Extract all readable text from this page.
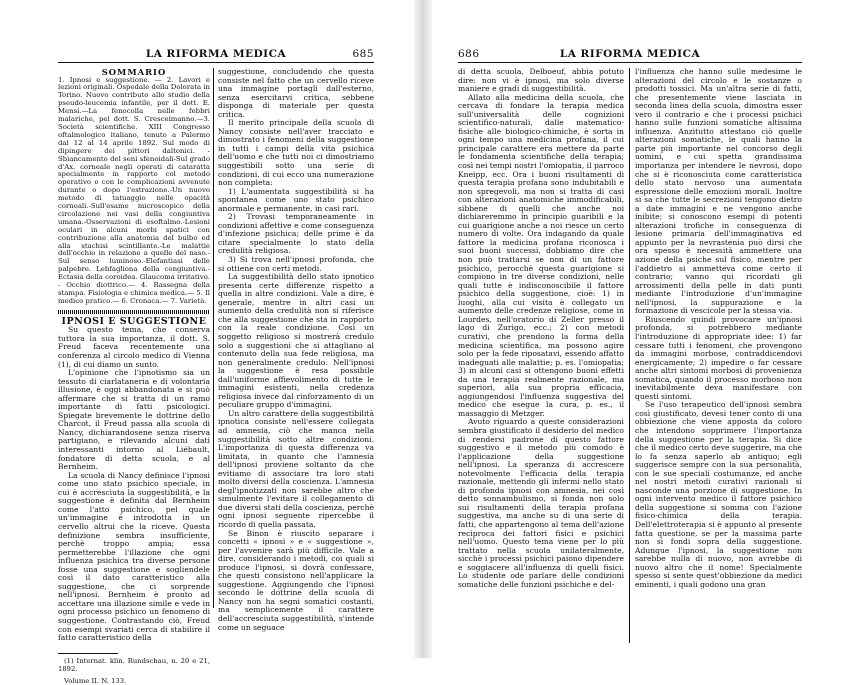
LA RIFORMA MEDICA	685

SOMMARIO

1. Ipnosi e suggestione. — 2. Lavori e lezioni originali. Ospedale della Dolorata in Torino. Nuovo contributo allo studio della pseudo-leucemia infantile, per il dott. E. Mensi.—La fenocolla nelle febbri malariche, pel dott. S. Cresceimanno.—3. Società scientifiche. XIII Congresso oftalmologico italiano, tenuto a Palermo dal 12 al 14 aprile 1892. Sul modo di dipingere dei pittori daltonici. -Sbiancamento del seni sfenoidali-Sul grado d'Ax. corneale negli operati di cataratta specialmente in rapporto col metodo operativo e con le complicazioni avvenute durante o dopo l'estrazione.-Un nuovo metodo di tatuaggio nelle opacità corneali.-Sull'esame microscopico della circolazione nei vasi della congiuntiva umana.-Osservazioni di esoftalmo.-Lesioni oculari in alcuni morbi spatici con contribuzione alla anatomia del bulbo ed alla stachisi scintillante.-Le malattie dell'occhio in relazione a quelle del naso.-Sul senso luminoso.-Elefantiasi delle palpebre. Lebfagliona della congiuntiva.-Ectasia della coroidea. Glaucoma irritativo. - Occhio diottrico.— 4. Rassegna della stampa. Fisiologia e chimica medica.— 5. Il medico pratico.— 6. Cronaca.— 7. Varietà.

IPNOSI E SUGGESTIONE

Su questo tema, che conserva tuttora la sua importanza, il dott. S. Freud faceva recentemente una conferenza al circolo medico di Vienna (1), di cui diamo un sunto.

L'opinione che l'ipnotismo sia un tessuto di ciarlataneria e di volontaria illusione, è oggi abbandonata e si può affermare che si tratta di un ramo importante di fatti psicologici. Spiegate brevemente le dottrine dello Charcot, il Freud passa alla scuola di Nancy, dichiarandosene senza riserva partigiano, e rilevando alcuni dati interessanti intorno al Liébault, fondatore di detta scuola, e al Bernheim.

La scuola di Nancy definisce l'ipnosi come uno stato psichico speciale, in cui è accresciuta la suggestibilità, e la suggestione è definita dal Bernheim come l'atto psichico, pel quale un'immagine è introdotta in un cervello altrui che la riceve. Questa definizione sembra insufficiente, perchè troppo ampia; essa permetterebbe l'illazione che ogni influenza psichica tra diverse persone fosse una suggestione e sogliendele così il dato caratteristico alla suggestione, che ci sorprende nell'ipnosi. Bernheim è pronto ad accettare una illazione simile e vede in ogni processo psichico un fenomeno di suggestione. Contrastando ciò, Freud con esempi svariati cerca di stabilire il fatto caratteristico della

(1) Internat. klin. Rundschau, n. 20 e 21, 1892.

Volume II. N. 133.

suggestione, concludendo che questa consiste nel fatto che un cervello riceve una immagine portagli dall'esterno, senza esercitarvi critica, sebbene disponga di materiale per questa critica.

Il merito principale della scuola di Nancy consiste nell'aver tracciato e dimostrato i fenomeni della suggestione in tutti i campi della vita psichica dell'uomo e che tutti noi ci dimostriamo suggestibili sotto una serie di condizioni, di cui ecco una numerazione non completa:

1) L'aumentata suggestibilità si ha spontanea come uno stato psichico anormale e permanente, in casi rari.

2) Trovasi temporaneamente in condizioni affettive e come conseguenza d'infezione psichica; delle prime è da citare specialmente lo stato della credulità religiosa.

3) Si trova nell'ipnosi profonda, che si ottiene con certi metodi.

La suggestibilità dello stato ipnotico presenta certe differenze rispetto a quella in altre condizioni. Vale a dire, è generale, mentre in altri casi un aumento della credulità non si riferisce che alla suggestione che sta in rapporto con la reale condizione. Così un soggetto religioso si mostrerà credulo solo a suggestioni che si attagliano al contenuto della sua fede religiosa, ma non generalmente credulo. Nell'ipnosi la suggestione è resa possibile dall'uniforme affievolimento di tutte le immagini esistenti, nella credenza religiosa invece dal rinforzamento di un peculiare gruppo d'immagini.

Un altro carattere della suggestibilità ipnotica consiste nell'essere collegata ad amnesia, ciò che manca nella suggestibilità sotto altre condizioni. L'importanza di questa differenza va limitata, in quanto che l'amnesia dell'ipnosi proviene soltanto da che evitiamo di associare tra loro stati molto diversi della coscienza. L'amnesia degl'ipnotizzati non sarebbe altro che simulmente l'evitare il collegamento di due diversi stati della coscienza, perchè ogni ipnosi seguente ripercebbe il ricordo di quella passata.

Se Binon è riuscito separare i concetti « ipnosi » e « suggestione », per l'avvenire sarà più difficile. Vale a dire, considerando i metodi, coi quali si produce l'ipnosi, si dovrà confessare, che questi consistono nell'applicare la suggestione. Aggiungendo che l'ipnosi secondo le dottrine della scuola di Nancy non ha segni somatici costanti, ma semplicemente il carattere dell'accresciuta suggestibilità, s'intende come un seguace

686	LA RIFORMA MEDICA

di detta scuola, Delboeuf, abbia potuto dire: non vi è ipnosi, ma solo diverse maniere e gradi di suggestibilità.

Allato alla medicina della scuola, che cercava di fondare la terapia medica sull'universalità delle cognizioni scientifico-naturali, dalle matematico-fisiche alle biologico-chimiche, è sorta in ogni tempo una medicina profana, il cui principale carattere era mettere da parte le fondamenta scientifiche della terapia; così nei tempi nostri l'omiopatia, il parroco Kneipp, ecc. Ora i buoni risultamenti di questa terapia profana sono indubitabili e non spregevoli, ma non si tratta di casi con alterazioni anatomiche immodificabili, sibbene di quelli che anche noi dichiareremmo in principio guaribili e la cui guarigione anche a noi riesce un certo numero di volte. Ora indagando da quale fattore la medicina profana riconosca i suoi buoni successi, dobbiamo dire che non può trattarsi se non di un fattore psichico, perocchè questa guarigione si compiono in tre diverse condizioni, nelle quali tutte è indisconoscibile il fattore psichico della suggestione, cioè: 1) in luoghi, alla cui visita è collegato un aumento delle credenze religiose, come in Lourdes, nell'oratorio di Zeller presso il lago di Zurigo, ecc.; 2) con metodi curativi, che prendono la forma della medicina scientifica, ma possono agire solo per la fede riposatavi, essendo affatto inadeguati alle malattie; p. es. l'omiopatia; 3) in alcuni casi si ottengono buoni effetti da una terapia realmente razionale, ma superiori, alla sua propria efficacia, aggiungendosi l'influenza suggestiva del medico che esegue la cura, p. es., il massaggio di Metzger.

Avuto riguardo a queste considerazioni sembra giustificato il desiderio del medico di rendersi padrone di questo fattore suggestivo e il metodo più comodo è l'applicazione della suggestione nell'ipnosi. La speranza di accrescere notevolmente l'efficacia della terapia razionale, mettendo gli infermi nello stato di profonda ipnosi con amnesia, nei così detto sonnambulismo, si fonda non solo sui risultamenti della terapia profana suggestiva, ma anche su di una serie di fatti, che appartengono al tema dell'azione reciproca dei fattori fisici e psichici nell'uomo. Questo tema viene per lo più trattato nella scuola unilateralmente, sicchè i processi psichici paiono dipendere e soggiacere all'influenza di quelli fisici. Lo studente ode parlare delle condizioni somatiche delle funzioni psichiche e del-

l'influenza che hanno sulle medesime le alterazioni del circolo e le sostanze o prodotti tossici. Ma un'altra serie di fatti, che presentemente viene lasciata in seconda linea della scuola, dimostra esser vero il contrario e che i processi psichici hanno sulle funzioni somatiche altissima influenza. Anzitutto attestano ciò quelle alterazioni somatiche, le quali hanno la parte più importante nel concorso degli uomini, e cui spetta grandissima importanza per intendere le nevrosi, dopo che si è riconosciuta come caratteristica dello stato nervoso una aumentata espressione delle emozioni morali. Inoltre si sa che tutte le secrezioni tengono dietro a date immagini e ne vengono anche inibite; si conoscono esempi di potenti alterazioni trofiche in conseguenza di lesione primaria dell'immaginativa ed appunto per la nevrastenia può dirsi che ora spesso è necessità ammettere una azione della psiche sul fisico, mentre per l'addietro si ammetteva come certo il contrario; vanno qui ricordati gli arrossimenti della pelle in dati punti mediante l'introduzione d'un'immagine nell'ipnosi, la suppurazione e la formazione di vescicole per la stessa via.

Riuscendo quindi provocare un'ipnosi profonda, si potrebbero mediante l'introduzione di appropriate idee: 1) far cessare tutti i fenomeni, che provengono da immagini morbose, contraddicendovi energicamente; 2) impedire o far cessare anche altri sintomi morbosi di provenienza somatica, quando il processo morboso non inevitabilmente deva manifestare con questi sintomi.

Se l'uso terapeutico dell'ipnosi sembra così giustificato, devesi tener conto di una obbiezione che viene apposta da coloro che intendono sopprimere l'importanza della suggestione per la terapia. Si dice che il medico certo deve suggerire, ma che lo fa senza saperlo ab antiquo; egli suggerisce sempre con la sua personalità, con le sue speciali costumanze, ed anche nel nostri metodi curativi razionali si nasconde una porzione di suggestione. In ogni intervento medico il fattore psichico della suggestione si somma con l'azione fisico-chimica della terapia. Dell'elettroterapia si è appunto al presente fatta questione, se per la massima parte non si fondi sopra della suggestione. Adunque l'ipnosi, la suggestione non sarebbe nulla di nuovo, non avrebbe di nuovo altro che il nome! Specialmente spesso si sente quest'obbiezione da medici eminenti, i quali godono una gran
